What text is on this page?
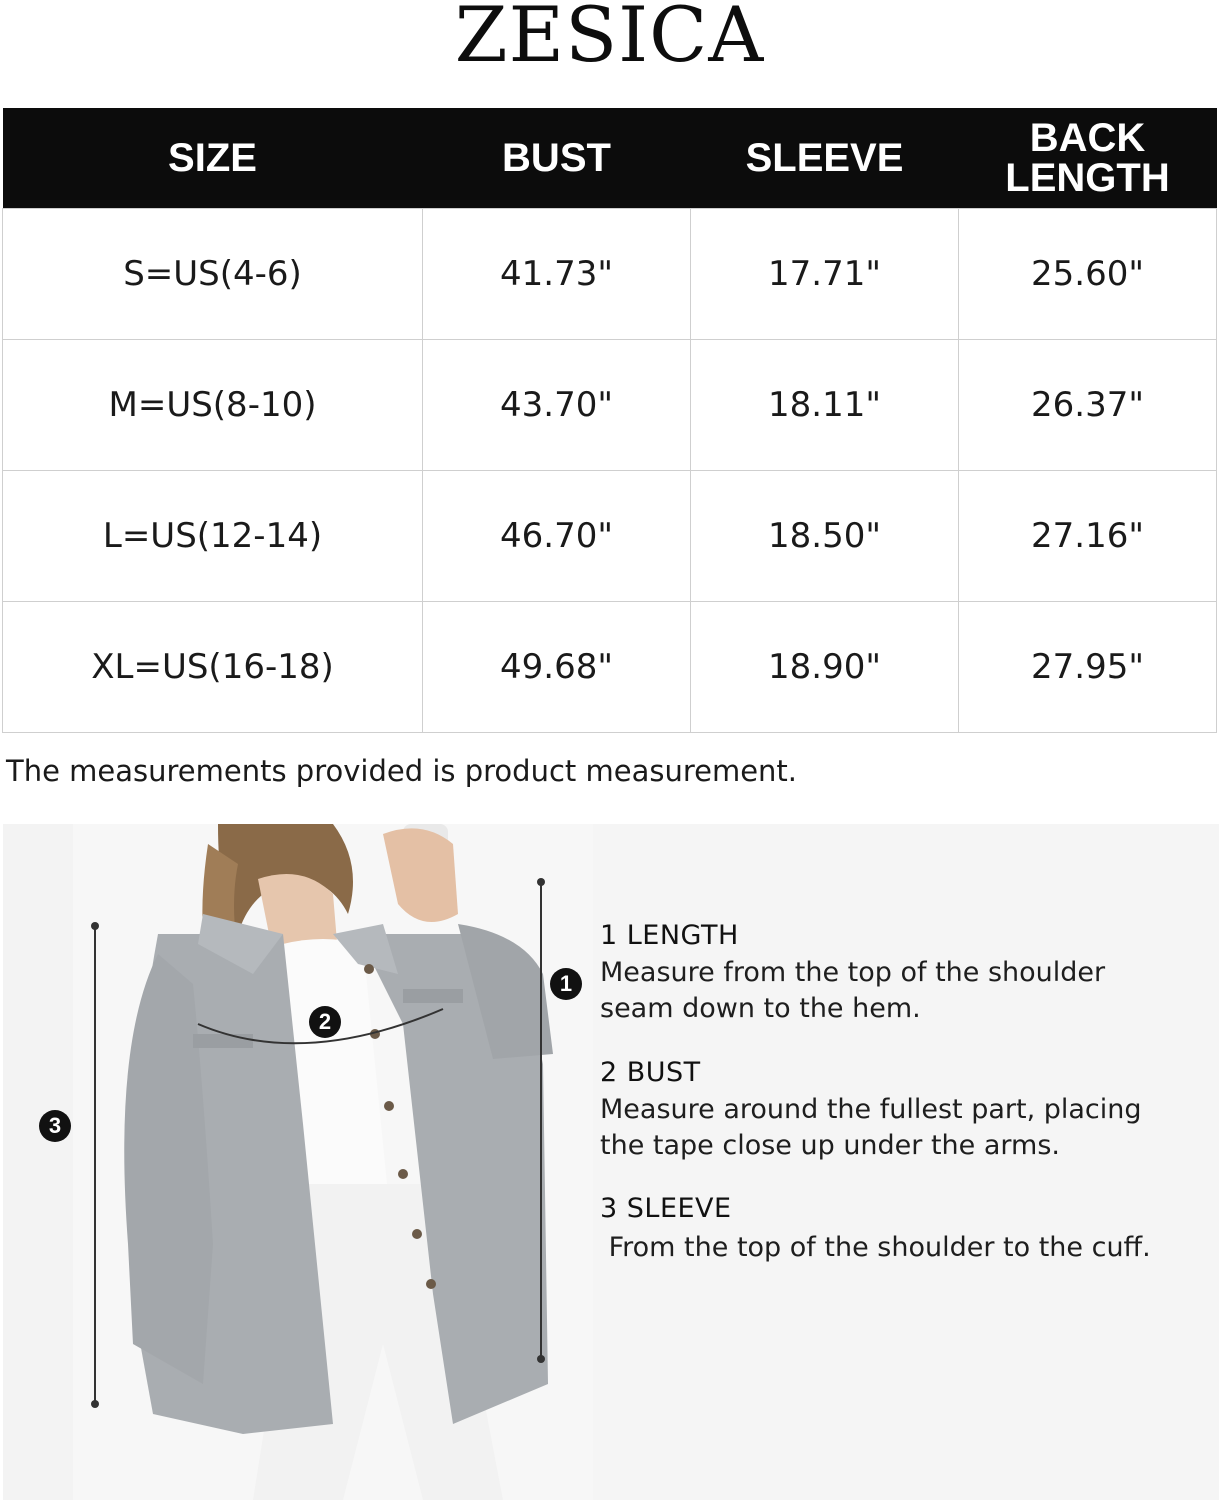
ZESICA
SIZE	BUST	SLEEVE	BACK
LENGTH
S=US(4-6)	41.73"	17.71"	25.60"
M=US(8-10)	43.70"	18.11"	26.37"
L=US(12-14)	46.70"	18.50"	27.16"
XL=US(16-18)	49.68"	18.90"	27.95"
The measurements provided is product measurement.
1
2
3
1 LENGTH
Measure from the top of the shoulder
seam down to the hem.
2 BUST
Measure around the fullest part, placing
the tape close up under the arms.
3 SLEEVE
From the top of the shoulder to the cuff.
